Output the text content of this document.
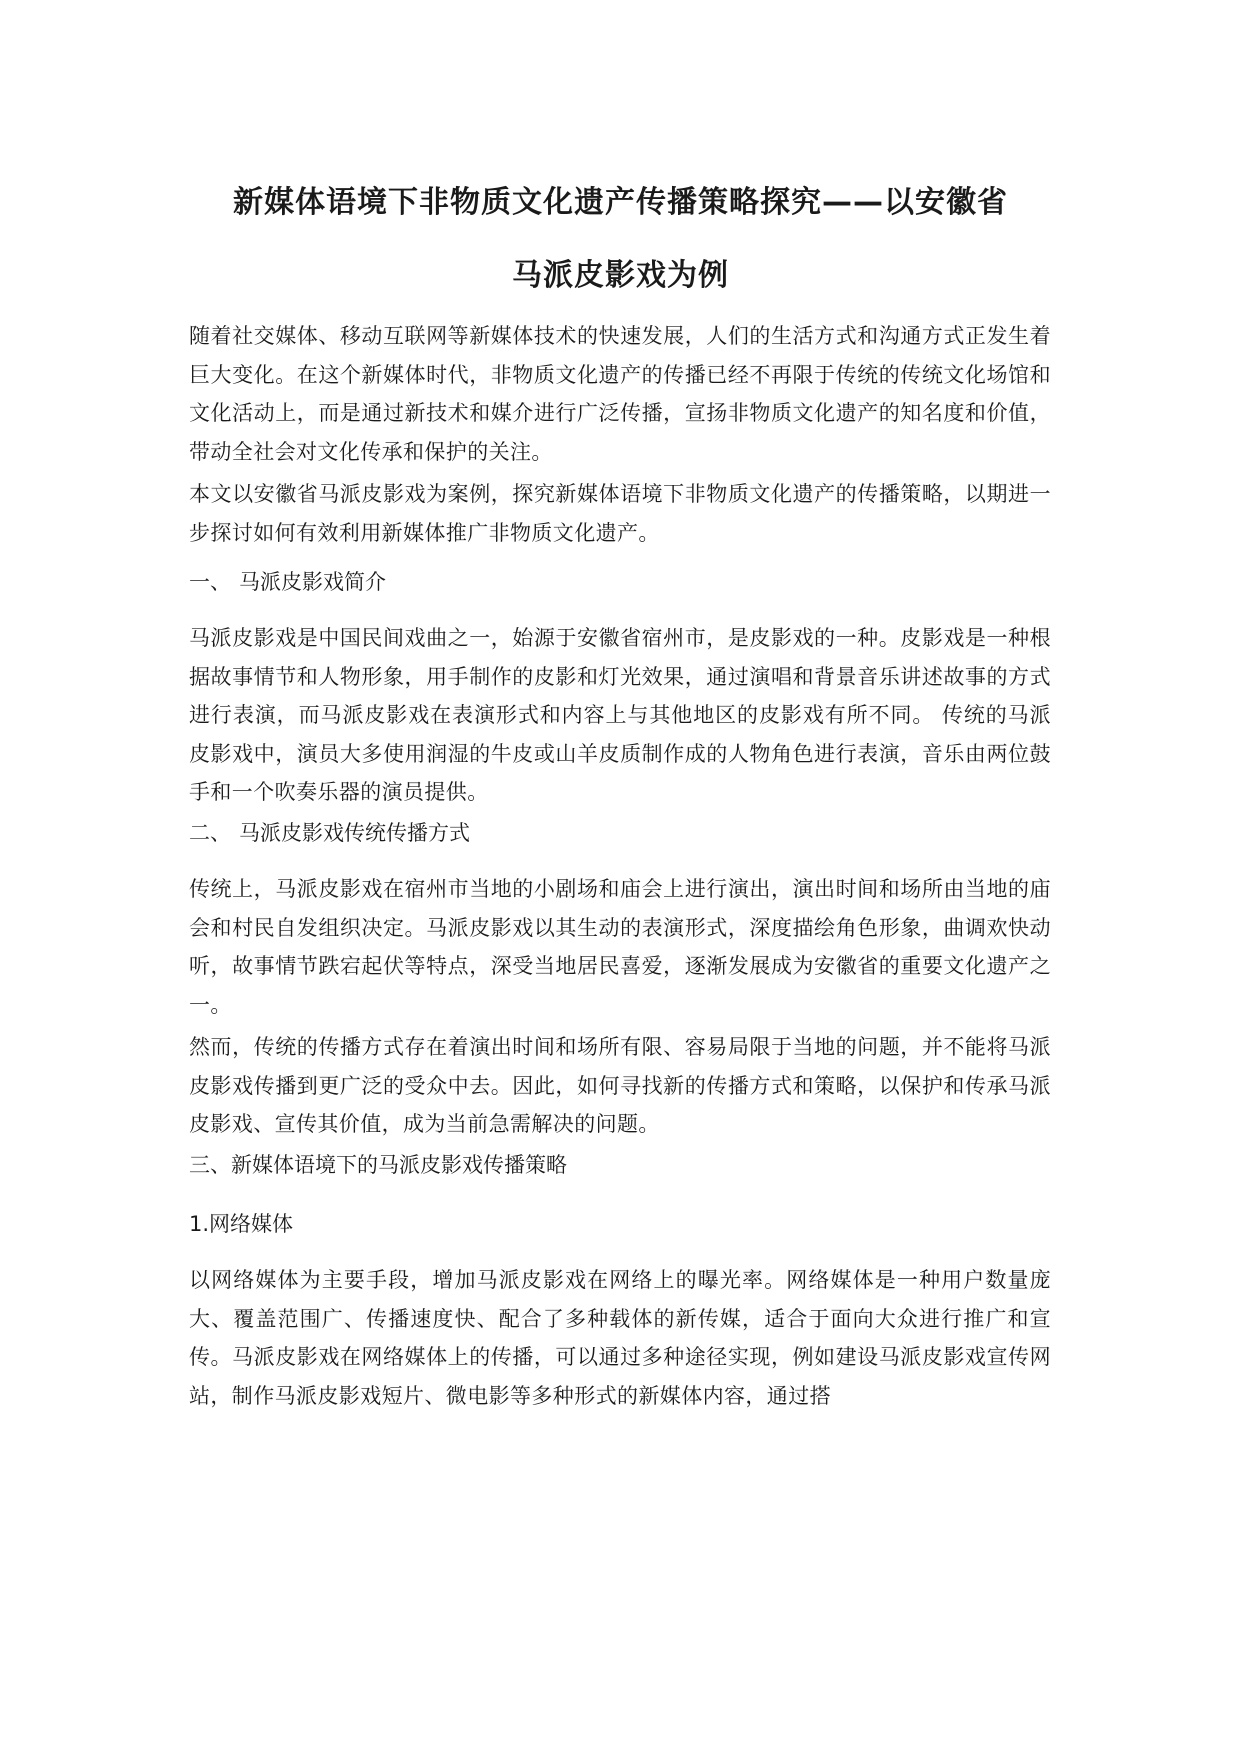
新媒体语境下非物质文化遗产传播策略探究——以安徽省
马派皮影戏为例

随着社交媒体、移动互联网等新媒体技术的快速发展，人们的生活方式和沟通方式正发生着巨大变化。在这个新媒体时代，非物质文化遗产的传播已经不再限于传统的传统文化场馆和文化活动上，而是通过新技术和媒介进行广泛传播，宣扬非物质文化遗产的知名度和价值，带动全社会对文化传承和保护的关注。

本文以安徽省马派皮影戏为案例，探究新媒体语境下非物质文化遗产的传播策略，以期进一步探讨如何有效利用新媒体推广非物质文化遗产。

一、 马派皮影戏简介

马派皮影戏是中国民间戏曲之一，始源于安徽省宿州市，是皮影戏的一种。皮影戏是一种根据故事情节和人物形象，用手制作的皮影和灯光效果，通过演唱和背景音乐讲述故事的方式进行表演，而马派皮影戏在表演形式和内容上与其他地区的皮影戏有所不同。 传统的马派皮影戏中，演员大多使用润湿的牛皮或山羊皮质制作成的人物角色进行表演，音乐由两位鼓手和一个吹奏乐器的演员提供。

二、 马派皮影戏传统传播方式

传统上，马派皮影戏在宿州市当地的小剧场和庙会上进行演出，演出时间和场所由当地的庙会和村民自发组织决定。马派皮影戏以其生动的表演形式，深度描绘角色形象，曲调欢快动听，故事情节跌宕起伏等特点，深受当地居民喜爱，逐渐发展成为安徽省的重要文化遗产之一。

然而，传统的传播方式存在着演出时间和场所有限、容易局限于当地的问题，并不能将马派皮影戏传播到更广泛的受众中去。因此，如何寻找新的传播方式和策略，以保护和传承马派皮影戏、宣传其价值，成为当前急需解决的问题。

三、新媒体语境下的马派皮影戏传播策略

1.网络媒体

以网络媒体为主要手段，增加马派皮影戏在网络上的曝光率。网络媒体是一种用户数量庞大、覆盖范围广、传播速度快、配合了多种载体的新传媒，适合于面向大众进行推广和宣传。马派皮影戏在网络媒体上的传播，可以通过多种途径实现，例如建设马派皮影戏宣传网站，制作马派皮影戏短片、微电影等多种形式的新媒体内容，通过搭
